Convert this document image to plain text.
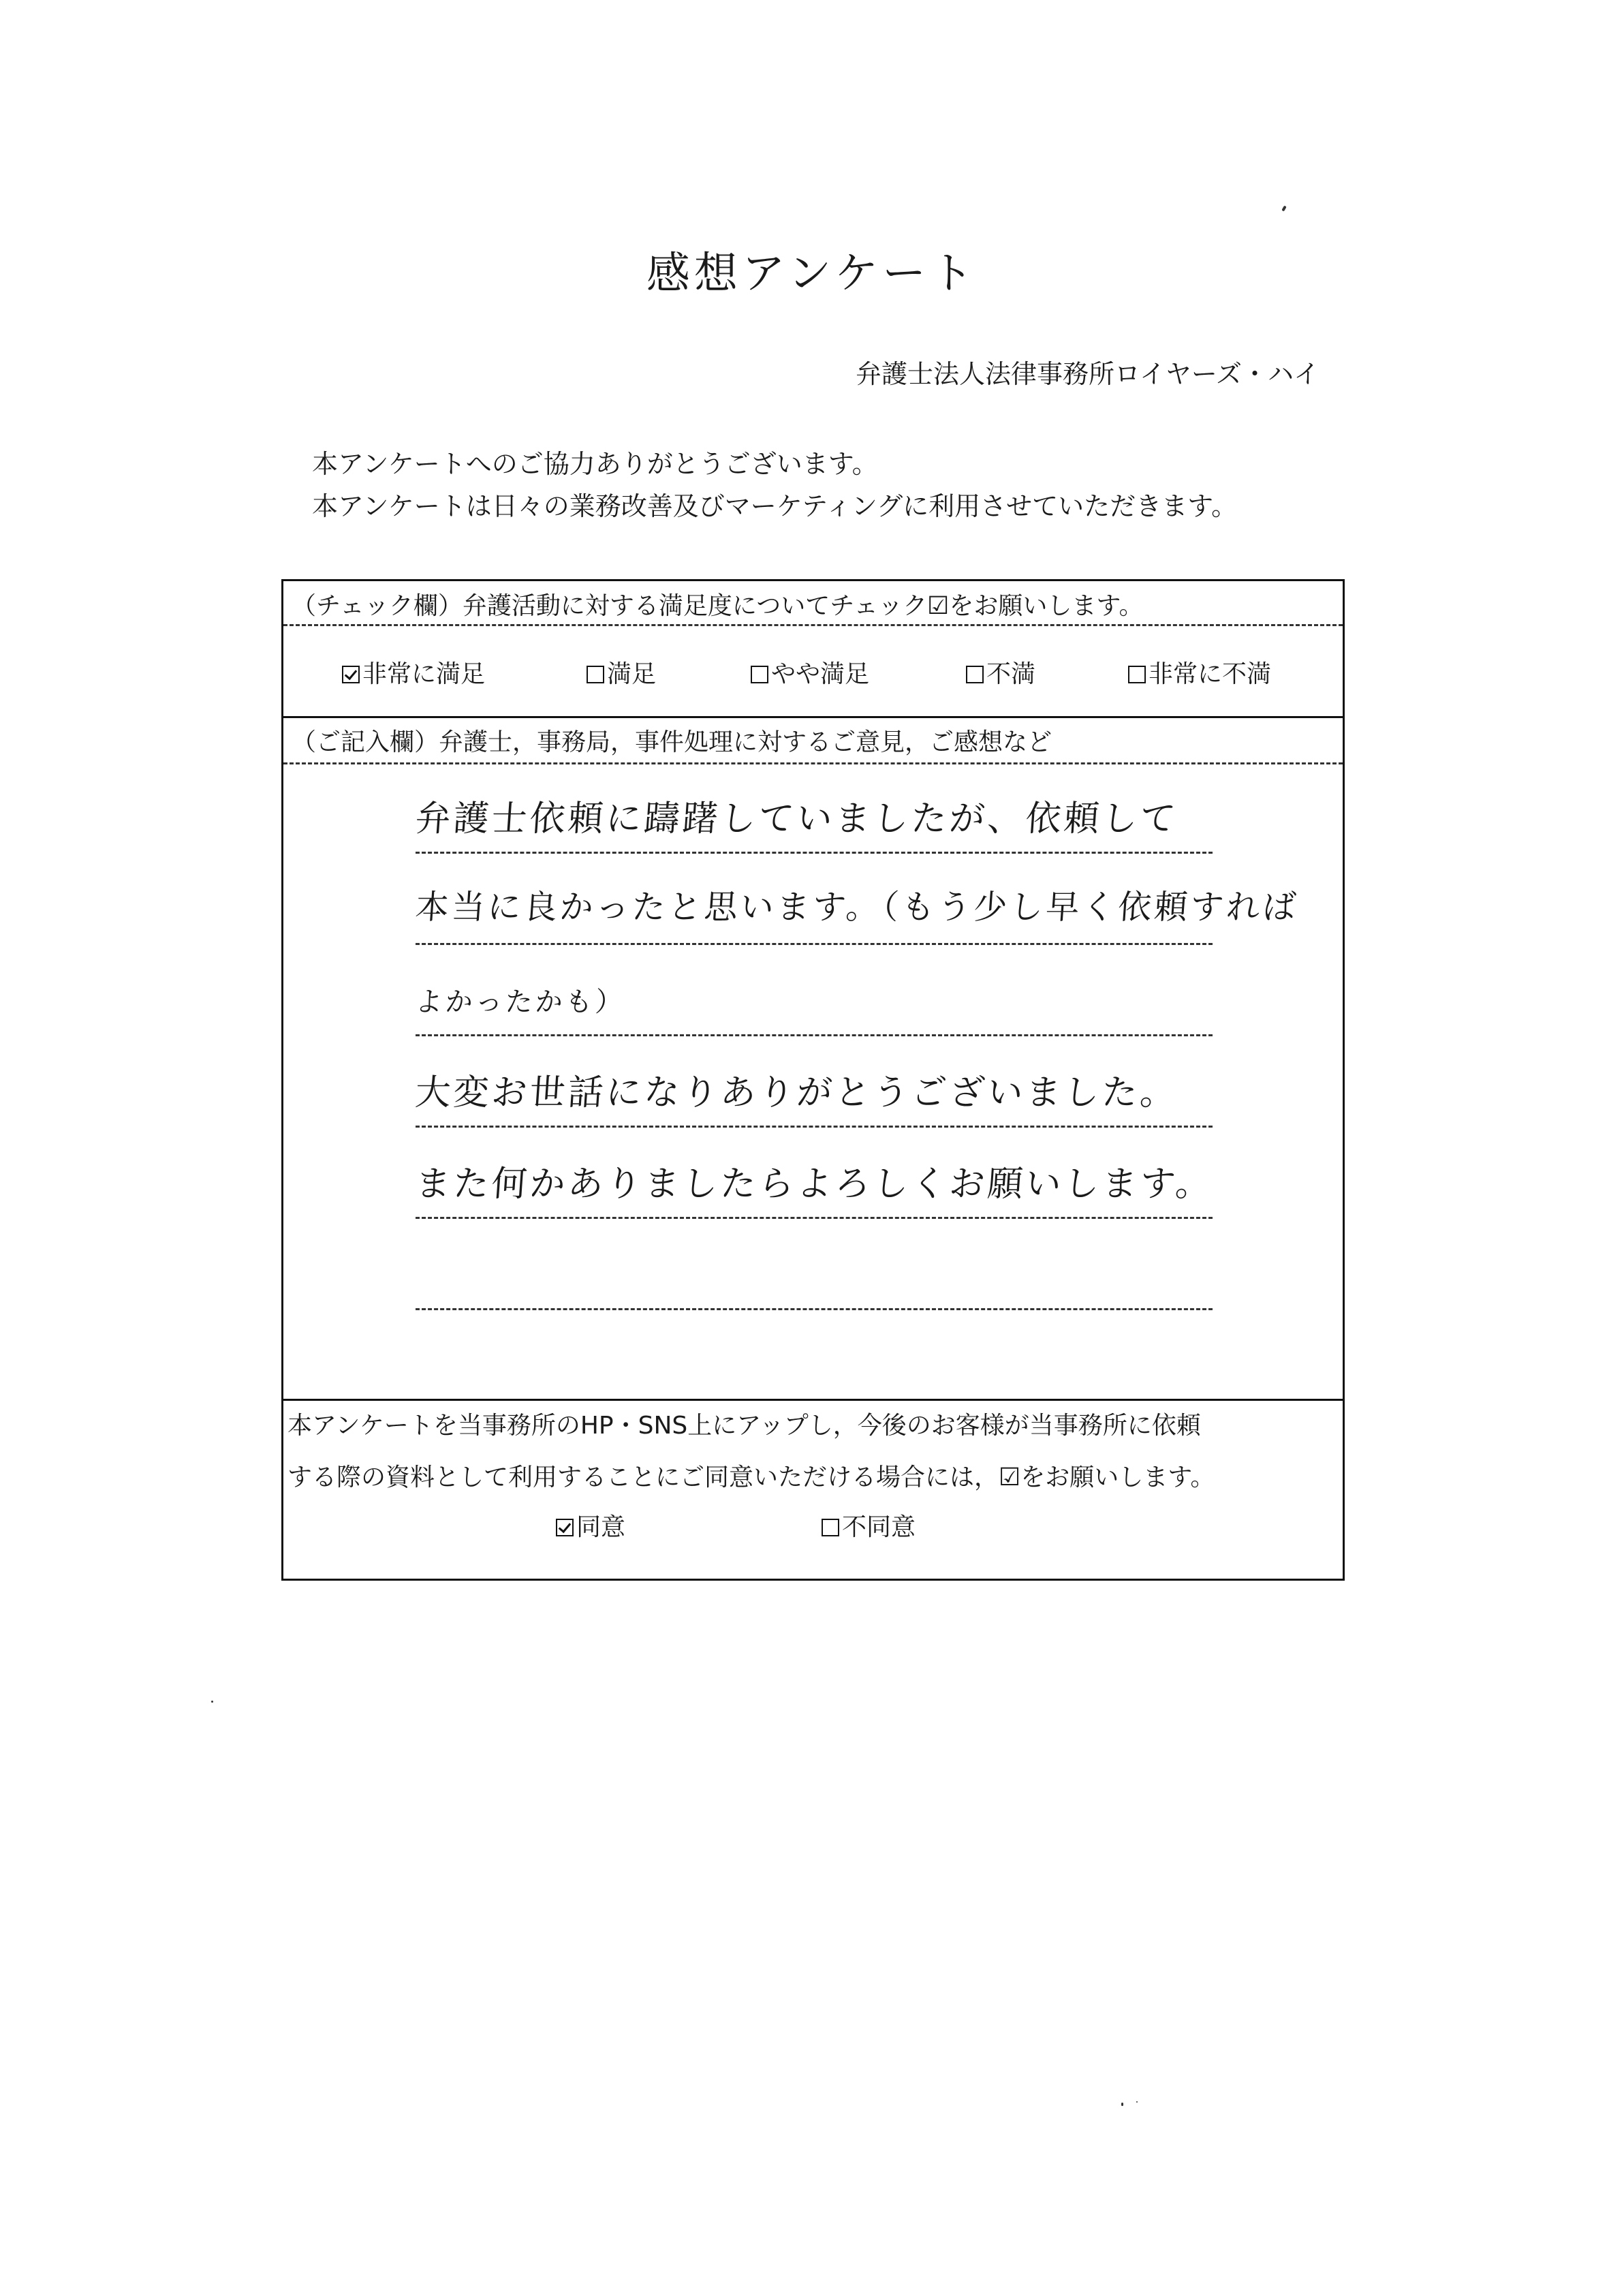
感想アンケート
弁護士法人法律事務所ロイヤーズ・ハイ
本アンケートへのご協力ありがとうございます。
本アンケートは日々の業務改善及びマーケティングに利用させていただきます。
（チェック欄）弁護活動に対する満足度についてチェック☑をお願いします。
非常に満足	満足	やや満足	不満	非常に不満
（ご記入欄）弁護士，事務局，事件処理に対するご意見，ご感想など
弁護士依頼に躊躇していましたが、依頼して
本当に良かったと思います。（もう少し早く依頼すれば
よかったかも）
大変お世話になりありがとうございました。
また何かありましたらよろしくお願いします。
本アンケートを当事務所のHP・SNS上にアップし，今後のお客様が当事務所に依頼
する際の資料として利用することにご同意いただける場合には，☑をお願いします。
同意	不同意
